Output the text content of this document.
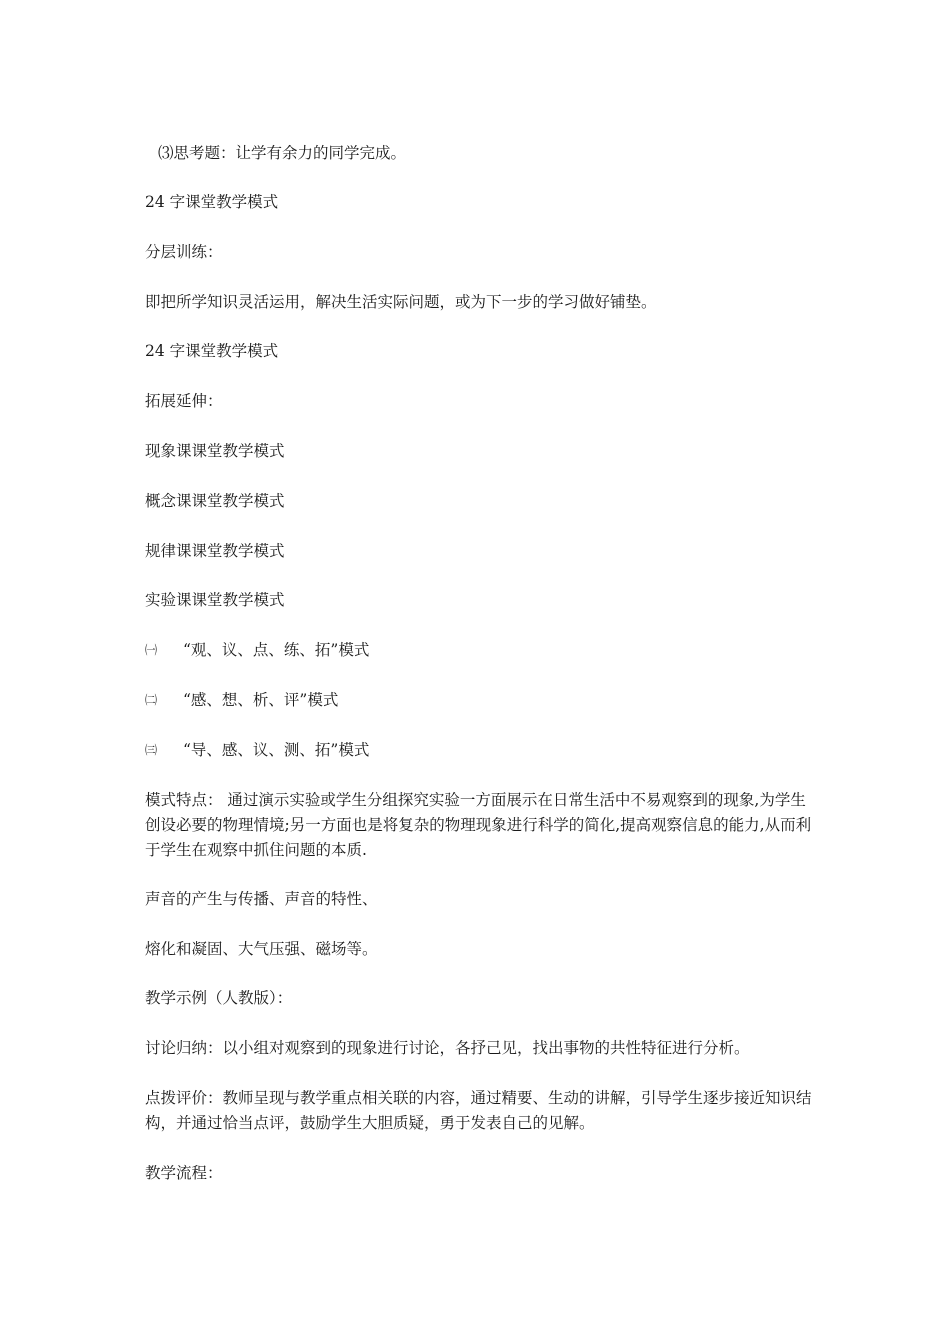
⑶思考题：让学有余力的同学完成。

24 字课堂教学模式

分层训练：

即把所学知识灵活运用，解决生活实际问题，或为下一步的学习做好铺垫。

24 字课堂教学模式

拓展延伸：

现象课课堂教学模式

概念课课堂教学模式

规律课课堂教学模式

实验课课堂教学模式

㈠	“观、议、点、练、拓”模式

㈡	“感、想、析、评”模式

㈢	“导、感、议、测、拓”模式

模式特点： 通过演示实验或学生分组探究实验一方面展示在日常生活中不易观察到的现象,为学生创设必要的物理情境;另一方面也是将复杂的物理现象进行科学的简化,提高观察信息的能力,从而利于学生在观察中抓住问题的本质.

声音的产生与传播、声音的特性、

熔化和凝固、大气压强、磁场等。

教学示例（人教版）：

讨论归纳：以小组对观察到的现象进行讨论，各抒己见，找出事物的共性特征进行分析。

点拨评价：教师呈现与教学重点相关联的内容，通过精要、生动的讲解，引导学生逐步接近知识结构，并通过恰当点评，鼓励学生大胆质疑，勇于发表自己的见解。

教学流程：
